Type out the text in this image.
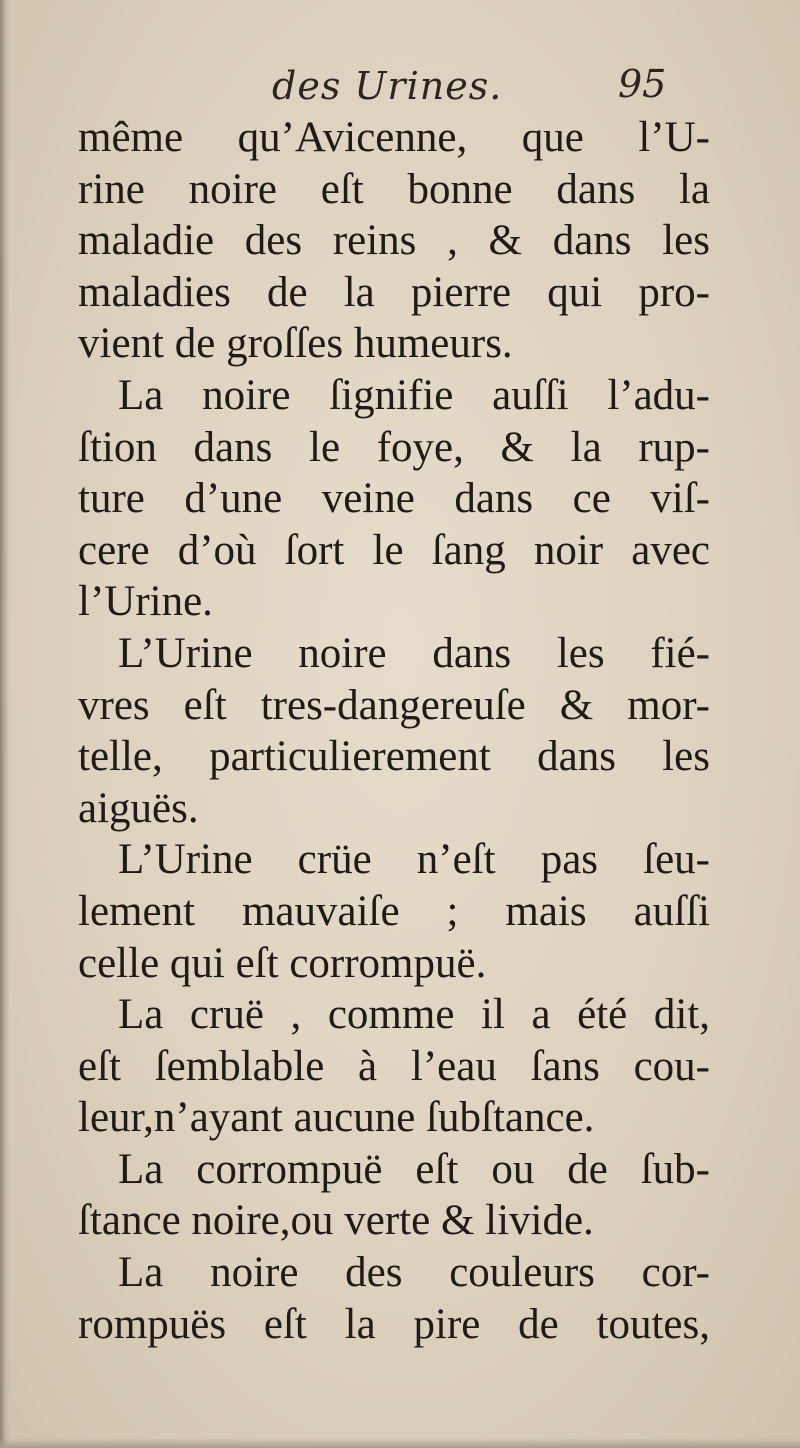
des Urines.	95
même qu’Avicenne, que l’U-
rine noire eſt bonne dans la
maladie des reins , & dans les
maladies de la pierre qui pro-
vient de groſſes humeurs.
La noire ſignifie auſſi l’adu-
ſtion dans le foye, & la rup-
ture d’une veine dans ce viſ-
cere d’où ſort le ſang noir avec
l’Urine.
L’Urine noire dans les fié-
vres eſt tres-dangereuſe & mor-
telle, particulierement dans les
aiguës.
L’Urine crüe n’eſt pas ſeu-
lement mauvaiſe ; mais auſſi
celle qui eſt corrompuë.
La cruë , comme il a été dit,
eſt ſemblable à l’eau ſans cou-
leur,n’ayant aucune ſubſtance.
La corrompuë eſt ou de ſub-
ſtance noire,ou verte & livide.
La noire des couleurs cor-
rompuës eſt la pire de toutes,
